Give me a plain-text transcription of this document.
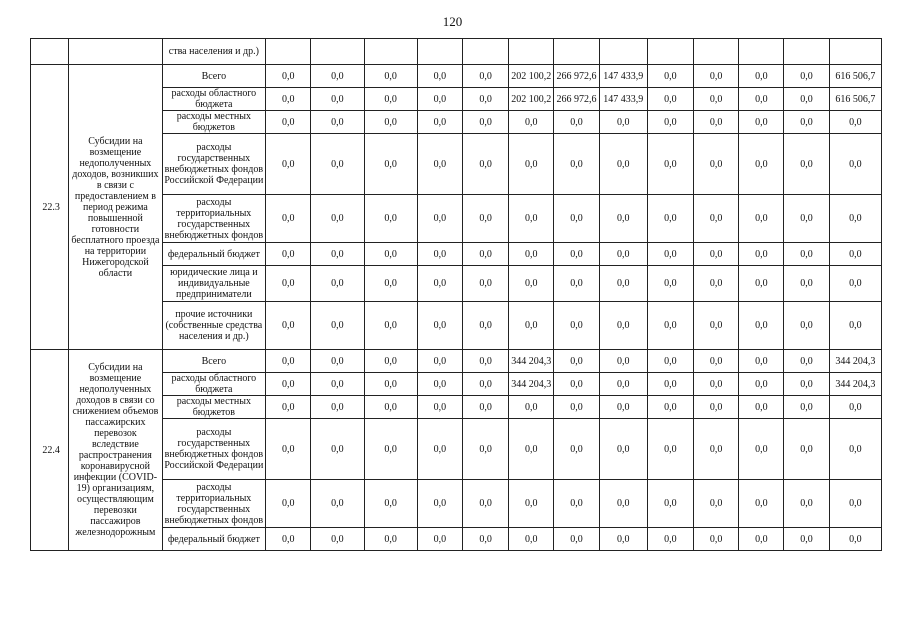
120
		ства населения и др.)													
22.3	Субсидии на возмещение недополученных доходов, возникших в связи с предоставлением в период режима повышенной готовности бесплатного проезда на территории Нижегородской области	Всего	0,0	0,0	0,0	0,0	0,0	202 100,2	266 972,6	147 433,9	0,0	0,0	0,0	0,0	616 506,7
		расходы областного бюджета	0,0	0,0	0,0	0,0	0,0	202 100,2	266 972,6	147 433,9	0,0	0,0	0,0	0,0	616 506,7
		расходы местных бюджетов	0,0	0,0	0,0	0,0	0,0	0,0	0,0	0,0	0,0	0,0	0,0	0,0	0,0
		расходы государственных внебюджетных фондов Российской Федерации	0,0	0,0	0,0	0,0	0,0	0,0	0,0	0,0	0,0	0,0	0,0	0,0	0,0
		расходы территориальных государственных внебюджетных фондов	0,0	0,0	0,0	0,0	0,0	0,0	0,0	0,0	0,0	0,0	0,0	0,0	0,0
		федеральный бюджет	0,0	0,0	0,0	0,0	0,0	0,0	0,0	0,0	0,0	0,0	0,0	0,0	0,0
		юридические лица и индивидуальные предприниматели	0,0	0,0	0,0	0,0	0,0	0,0	0,0	0,0	0,0	0,0	0,0	0,0	0,0
		прочие источники (собственные средства населения и др.)	0,0	0,0	0,0	0,0	0,0	0,0	0,0	0,0	0,0	0,0	0,0	0,0	0,0
22.4	Субсидии на возмещение недополученных доходов в связи со снижением объемов пассажирских перевозок вследствие распространения коронавирусной инфекции (COVID-19) организациям, осуществляющим перевозки пассажиров железнодорожным	Всего	0,0	0,0	0,0	0,0	0,0	344 204,3	0,0	0,0	0,0	0,0	0,0	0,0	344 204,3
		расходы областного бюджета	0,0	0,0	0,0	0,0	0,0	344 204,3	0,0	0,0	0,0	0,0	0,0	0,0	344 204,3
		расходы местных бюджетов	0,0	0,0	0,0	0,0	0,0	0,0	0,0	0,0	0,0	0,0	0,0	0,0	0,0
		расходы государственных внебюджетных фондов Российской Федерации	0,0	0,0	0,0	0,0	0,0	0,0	0,0	0,0	0,0	0,0	0,0	0,0	0,0
		расходы территориальных государственных внебюджетных фондов	0,0	0,0	0,0	0,0	0,0	0,0	0,0	0,0	0,0	0,0	0,0	0,0	0,0
		федеральный бюджет	0,0	0,0	0,0	0,0	0,0	0,0	0,0	0,0	0,0	0,0	0,0	0,0	0,0
